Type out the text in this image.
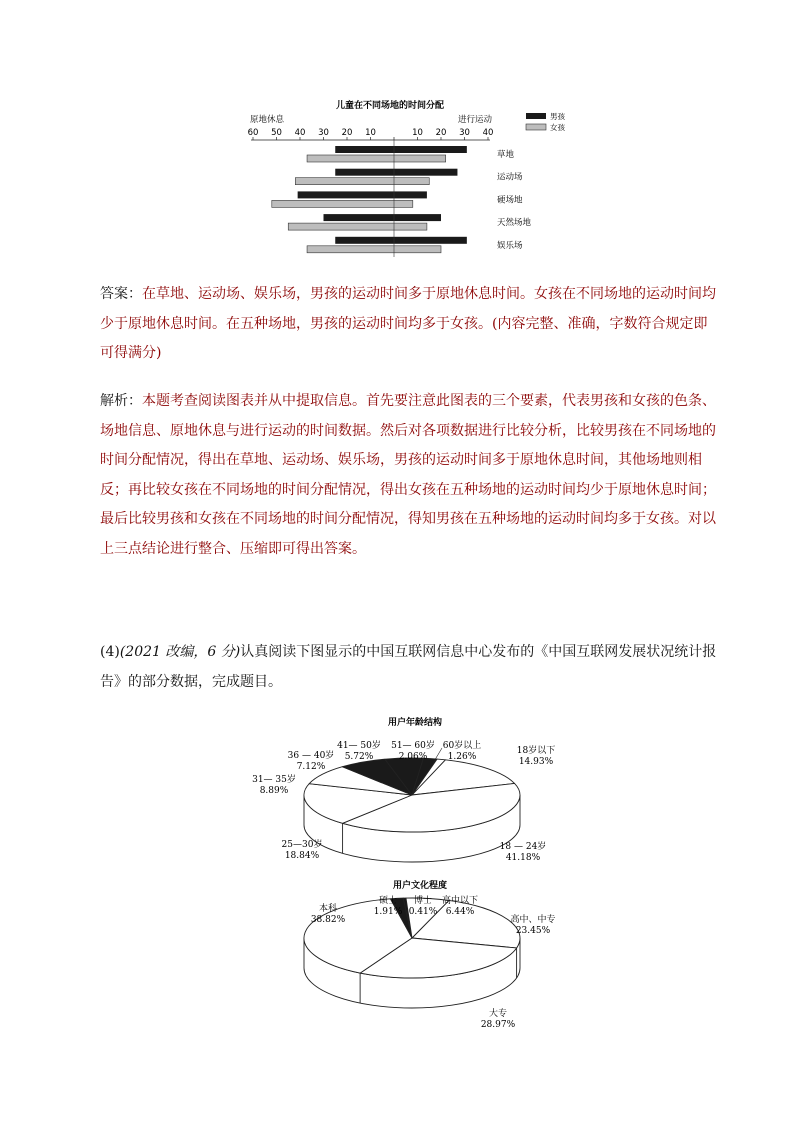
儿童在不同场地的时间分配
原地休息	进行运动	男孩
女孩
60 50 40 30 20 10	10 20 30 40
草地
运动场
硬场地
天然场地
娱乐场
答案：在草地、运动场、娱乐场，男孩的运动时间多于原地休息时间。女孩在不同场地的运动时间均少于原地休息时间。在五种场地，男孩的运动时间均多于女孩。(内容完整、准确，字数符合规定即可得满分)
解析：本题考查阅读图表并从中提取信息。首先要注意此图表的三个要素，代表男孩和女孩的色条、场地信息、原地休息与进行运动的时间数据。然后对各项数据进行比较分析，比较男孩在不同场地的时间分配情况，得出在草地、运动场、娱乐场，男孩的运动时间多于原地休息时间，其他场地则相反；再比较女孩在不同场地的时间分配情况，得出女孩在五种场地的运动时间均少于原地休息时间；最后比较男孩和女孩在不同场地的时间分配情况，得知男孩在五种场地的运动时间均多于女孩。对以上三点结论进行整合、压缩即可得出答案。
(4)(2021 改编，6 分)认真阅读下图显示的中国互联网信息中心发布的《中国互联网发展状况统计报告》的部分数据，完成题目。
用户年龄结构
18岁以下 14.93%
18 — 24岁 41.18%
25—30岁 18.84%
31— 35岁 8.89%
36 — 40岁 7.12%
41— 50岁 5.72%
51— 60岁 2.06%
60岁以上 1.26%
用户文化程度
高中、中专 23.45%
大专 28.97%
本科 38.82%
硕士 1.91%
博士 0.41%
高中以下 6.44%
